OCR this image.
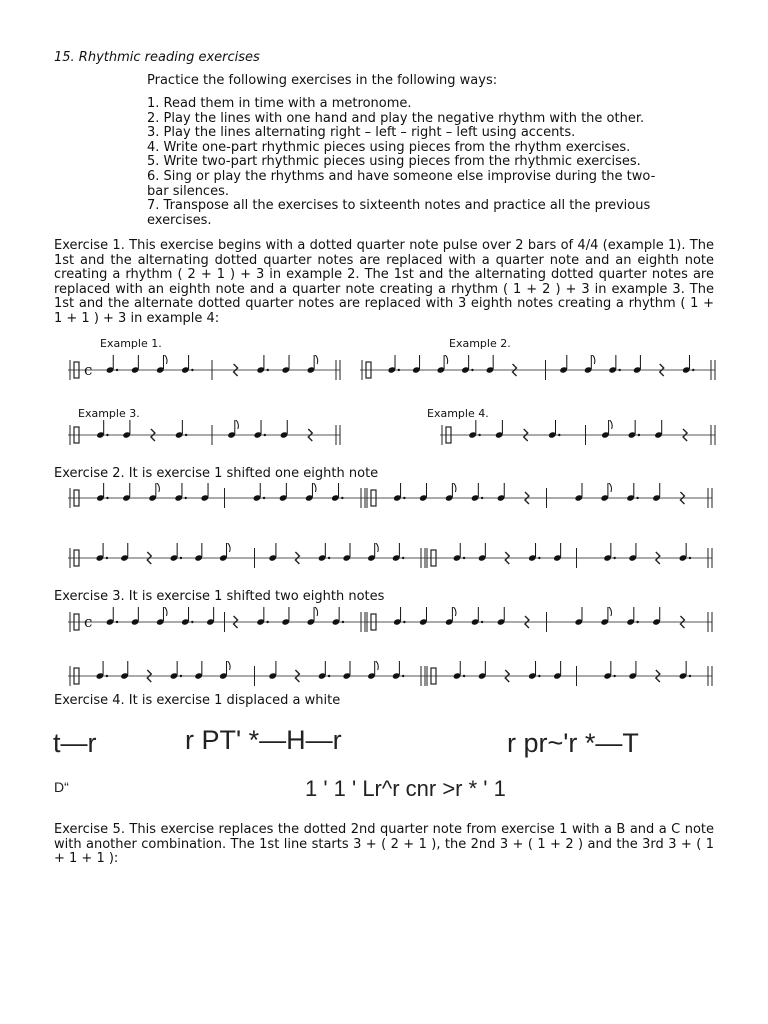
15. Rhythmic reading exercises
Practice the following exercises in the following ways:
1. Read them in time with a metronome.
2. Play the lines with one hand and play the negative rhythm with the other.
3. Play the lines alternating right – left – right – left using accents.
4. Write one-part rhythmic pieces using pieces from the rhythm exercises.
5. Write two-part rhythmic pieces using pieces from the rhythmic exercises.
6. Sing or play the rhythms and have someone else improvise during the two-bar silences.
7. Transpose all the exercises to sixteenth notes and practice all the previous exercises.
Exercise 1. This exercise begins with a dotted quarter note pulse over 2 bars of 4/4 (example 1). The 1st and the alternating dotted quarter notes are replaced with a quarter note and an eighth note creating a rhythm ( 2 + 1 ) + 3 in example 2. The 1st and the alternating dotted quarter notes are replaced with an eighth note and a quarter note creating a rhythm ( 1 + 2 ) + 3 in example 3. The 1st and the alternate dotted quarter notes are replaced with 3 eighth notes creating a rhythm ( 1 + 1 + 1 ) + 3 in example 4:
Example 1.	Example 2.
Example 3.	Example 4.
c
Exercise 2. It is exercise 1 shifted one eighth note
Exercise 3. It is exercise 1 shifted two eighth notes
c
Exercise 4. It is exercise 1 displaced a white
t—r	r PT' *—H—r	r pr~'r *—T
D“	1 ' 1 ' Lr^r cnr >r * ' 1
Exercise 5. This exercise replaces the dotted 2nd quarter note from exercise 1 with a B and a C note with another combination. The 1st line starts 3 + ( 2 + 1 ), the 2nd 3 + ( 1 + 2 ) and the 3rd 3 + ( 1 + 1 + 1 ):
